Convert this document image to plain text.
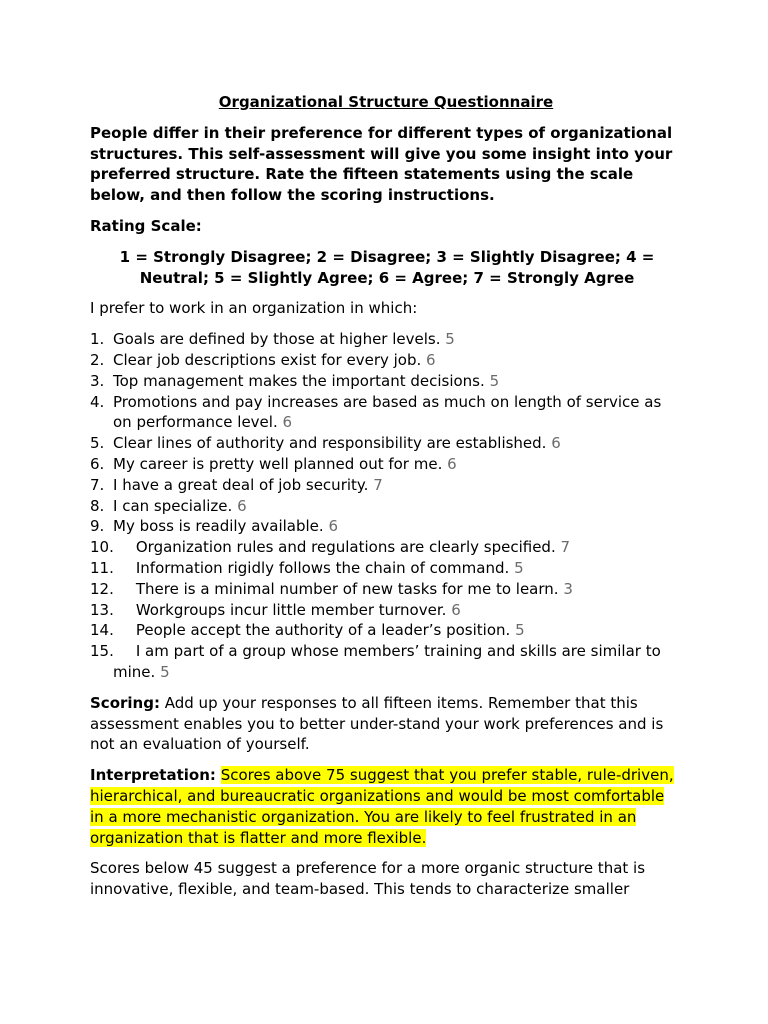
Organizational Structure Questionnaire
People differ in their preference for different types of organizational structures. This self-assessment will give you some insight into your preferred structure. Rate the fifteen statements using the scale below, and then follow the scoring instructions.
Rating Scale:
1 = Strongly Disagree; 2 = Disagree; 3 = Slightly Disagree; 4 = Neutral; 5 = Slightly Agree; 6 = Agree; 7 = Strongly Agree
I prefer to work in an organization in which:
1. Goals are defined by those at higher levels. 5
2. Clear job descriptions exist for every job. 6
3. Top management makes the important decisions. 5
4. Promotions and pay increases are based as much on length of service as on performance level. 6
5. Clear lines of authority and responsibility are established. 6
6. My career is pretty well planned out for me. 6
7. I have a great deal of job security. 7
8. I can specialize. 6
9. My boss is readily available. 6
10. Organization rules and regulations are clearly specified. 7
11. Information rigidly follows the chain of command. 5
12. There is a minimal number of new tasks for me to learn. 3
13. Workgroups incur little member turnover. 6
14. People accept the authority of a leader’s position. 5
15. I am part of a group whose members’ training and skills are similar to mine. 5
Scoring: Add up your responses to all fifteen items. Remember that this assessment enables you to better under-stand your work preferences and is not an evaluation of yourself.
Interpretation: Scores above 75 suggest that you prefer stable, rule-driven, hierarchical, and bureaucratic organizations and would be most comfortable in a more mechanistic organization. You are likely to feel frustrated in an organization that is flatter and more flexible.
Scores below 45 suggest a preference for a more organic structure that is innovative, flexible, and team-based. This tends to characterize smaller
